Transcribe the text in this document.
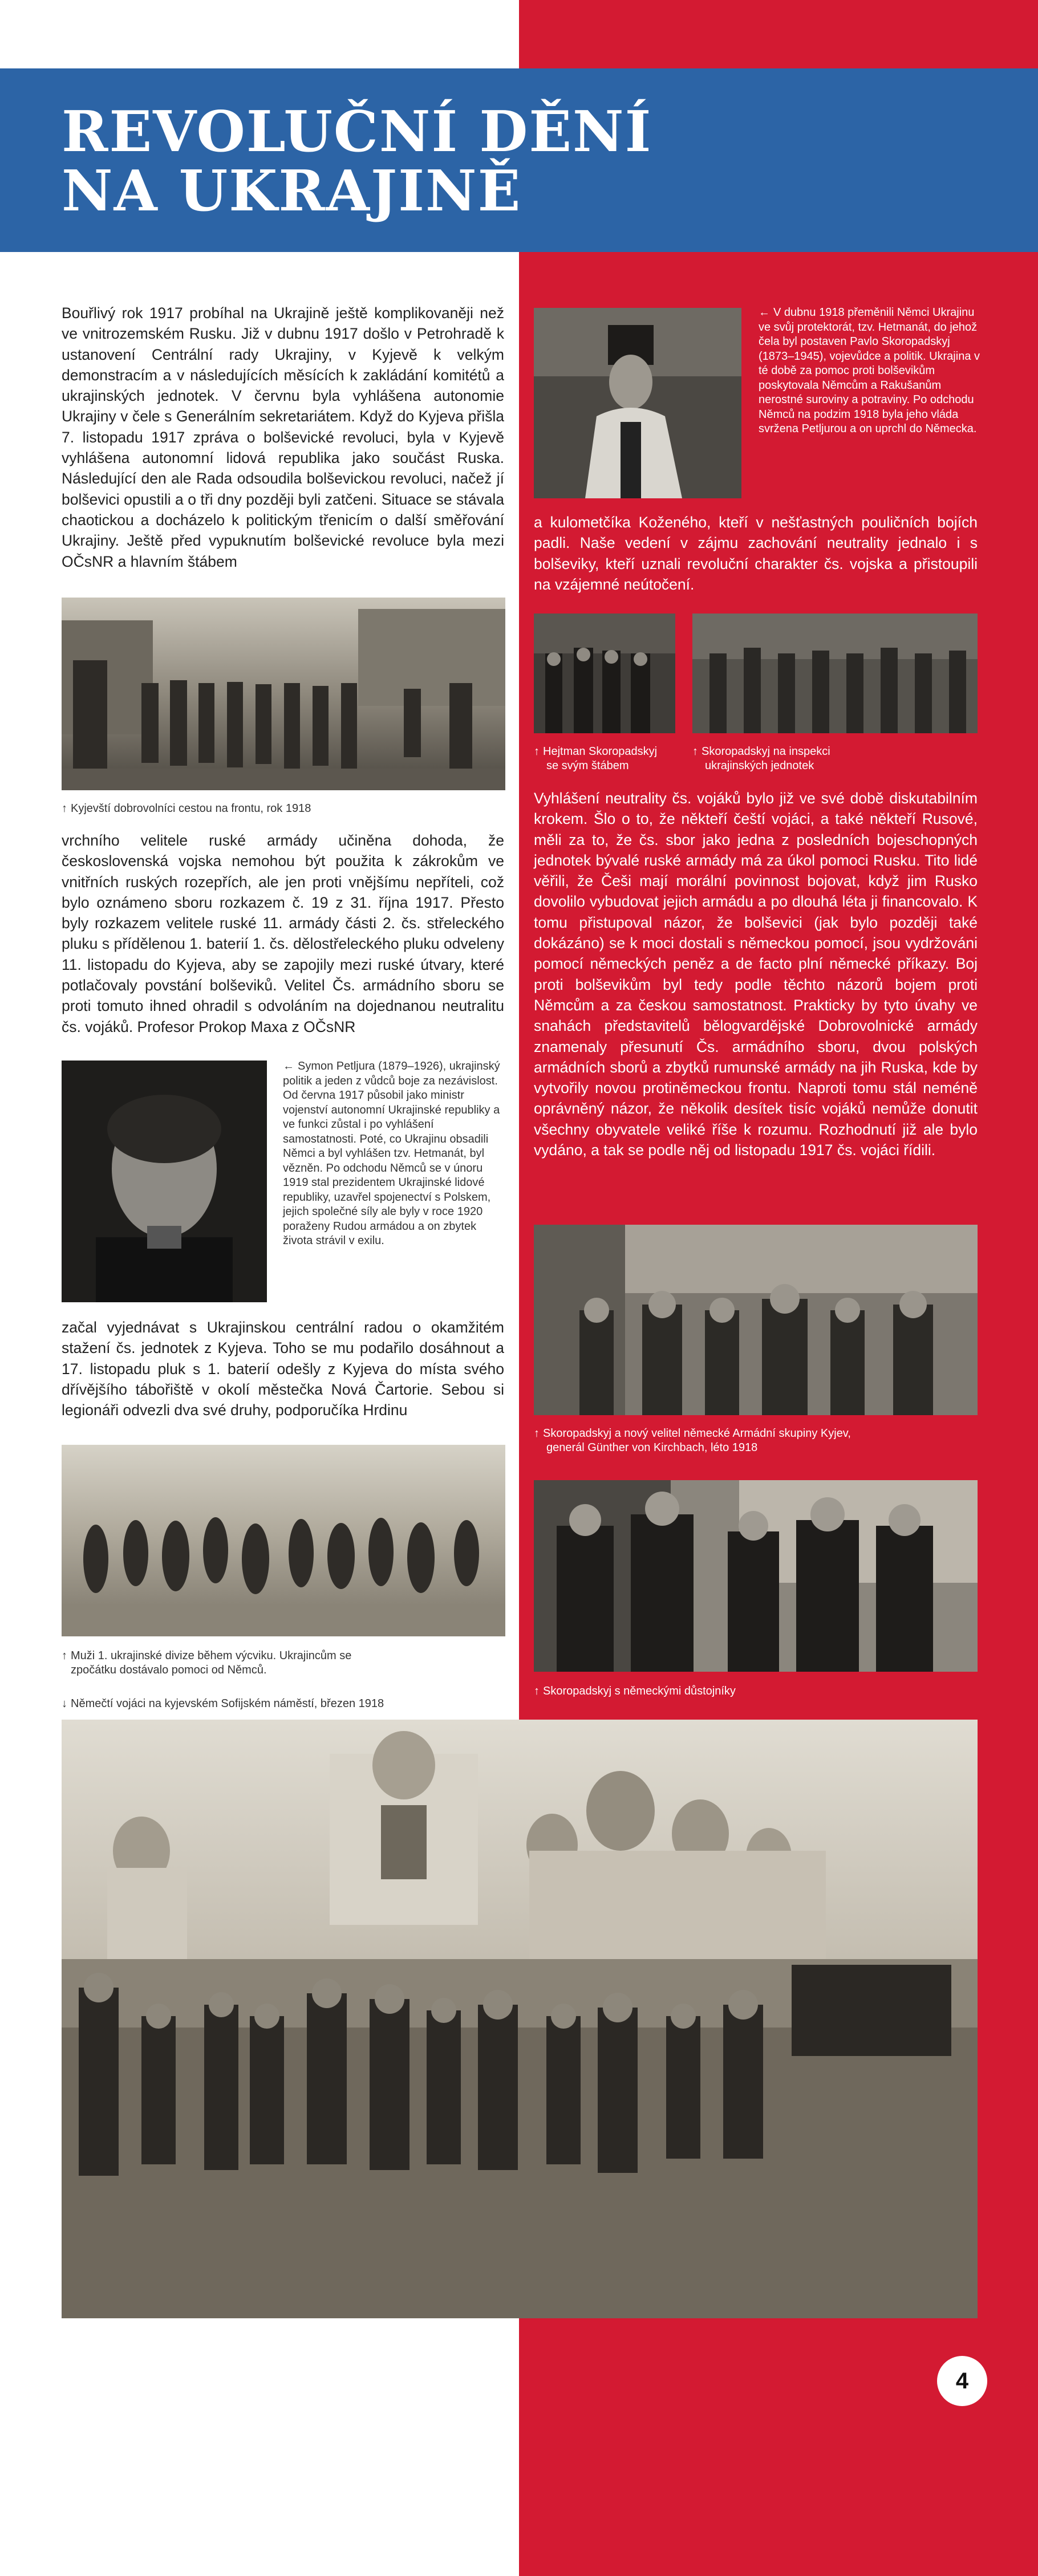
REVOLUČNÍ DĚNÍ
NA UKRAJINĚ

Bouřlivý rok 1917 probíhal na Ukrajině ještě komplikovaněji než ve vnitrozemském Rusku. Již v dubnu 1917 došlo v Petrohradě k ustanovení Centrální rady Ukrajiny, v Kyjevě k velkým demonstracím a v následujících měsících k zakládání komitétů a ukrajinských jednotek. V červnu byla vyhlášena autonomie Ukrajiny v čele s Generálním sekretariátem. Když do Kyjeva přišla 7. listopadu 1917 zpráva o bolševické revoluci, byla v Kyjevě vyhlášena autonomní lidová republika jako součást Ruska. Následující den ale Rada odsoudila bolševickou revoluci, načež jí bolševici opustili a o tři dny později byli zatčeni. Situace se stávala chaotickou a docházelo k politickým třenicím o další směřování Ukrajiny. Ještě před vypuknutím bolševické revoluce byla mezi OČsNR a hlavním štábem

↑ Kyjevští dobrovolníci cestou na frontu, rok 1918

vrchního velitele ruské armády učiněna dohoda, že československá vojska nemohou být použita k zákrokům ve vnitřních ruských rozepřích, ale jen proti vnějšímu nepříteli, což bylo oznámeno sboru rozkazem č. 19 z 31. října 1917. Přesto byly rozkazem velitele ruské 11. armády části 2. čs. střeleckého pluku s přídělenou 1. baterií 1. čs. dělostřeleckého pluku odveleny 11. listopadu do Kyjeva, aby se zapojily mezi ruské útvary, které potlačovaly povstání bolševiků. Velitel Čs. armádního sboru se proti tomuto ihned ohradil s odvoláním na dojednanou neutralitu čs. vojáků. Profesor Prokop Maxa z OČsNR

← Symon Petljura (1879–1926), ukrajinský politik a jeden z vůdců boje za nezávislost. Od června 1917 působil jako ministr vojenství autonomní Ukrajinské republiky a ve funkci zůstal i po vyhlášení samostatnosti. Poté, co Ukrajinu obsadili Němci a byl vyhlášen tzv. Hetmanát, byl vězněn. Po odchodu Němců se v únoru 1919 stal prezidentem Ukrajinské lidové republiky, uzavřel spojenectví s Polskem, jejich společné síly ale byly v roce 1920 poraženy Rudou armádou a on zbytek života strávil v exilu.

začal vyjednávat s Ukrajinskou centrální radou o okamžitém stažení čs. jednotek z Kyjeva. Toho se mu podařilo dosáhnout a 17. listopadu pluk s 1. baterií odešly z Kyjeva do místa svého dřívějšího tábořiště v okolí městečka Nová Čartorie. Sebou si legionáři odvezli dva své druhy, podporučíka Hrdinu

↑ Muži 1. ukrajinské divize během výcviku. Ukrajincům se zpočátku dostávalo pomoci od Němců.

↓ Němečtí vojáci na kyjevském Sofijském náměstí, březen 1918

← V dubnu 1918 přeměnili Němci Ukrajinu ve svůj protektorát, tzv. Hetmanát, do jehož čela byl postaven Pavlo Skoropadskyj (1873–1945), vojevůdce a politik. Ukrajina v té době za pomoc proti bolševikům poskytovala Němcům a Rakušanům nerostné suroviny a potraviny. Po odchodu Němců na podzim 1918 byla jeho vláda svržena Petljurou a on uprchl do Německa.

a kulometčíka Koženého, kteří v nešťastných pouličních bojích padli. Naše vedení v zájmu zachování neutrality jednalo i s bolševiky, kteří uznali revoluční charakter čs. vojska a přistoupili na vzájemné neútočení.

↑ Hejtman Skoropadskyj
se svým štábem

↑ Skoropadskyj na inspekci
ukrajinských jednotek

Vyhlášení neutrality čs. vojáků bylo již ve své době diskutabilním krokem. Šlo o to, že někteří čeští vojáci, a také někteří Rusové, měli za to, že čs. sbor jako jedna z posledních bojeschopných jednotek bývalé ruské armády má za úkol pomoci Rusku. Tito lidé věřili, že Češi mají morální povinnost bojovat, když jim Rusko dovolilo vybudovat jejich armádu a po dlouhá léta ji financovalo. K tomu přistupoval názor, že bolševici (jak bylo později také dokázáno) se k moci dostali s německou pomocí, jsou vydržováni pomocí německých peněz a de facto plní německé příkazy. Boj proti bolševikům byl tedy podle těchto názorů bojem proti Němcům a za českou samostatnost. Prakticky by tyto úvahy ve snahách představitelů bělogvardějské Dobrovolnické armády znamenaly přesunutí Čs. armádního sboru, dvou polských armádních sborů a zbytků rumunské armády na jih Ruska, kde by vytvořily novou protiněmeckou frontu. Naproti tomu stál neméně oprávněný názor, že několik desítek tisíc vojáků nemůže donutit všechny obyvatele veliké říše k rozumu. Rozhodnutí již ale bylo vydáno, a tak se podle něj od listopadu 1917 čs. vojáci řídili.

↑ Skoropadskyj a nový velitel německé Armádní skupiny Kyjev,
generál Günther von Kirchbach, léto 1918

↑ Skoropadskyj s německými důstojníky

4
